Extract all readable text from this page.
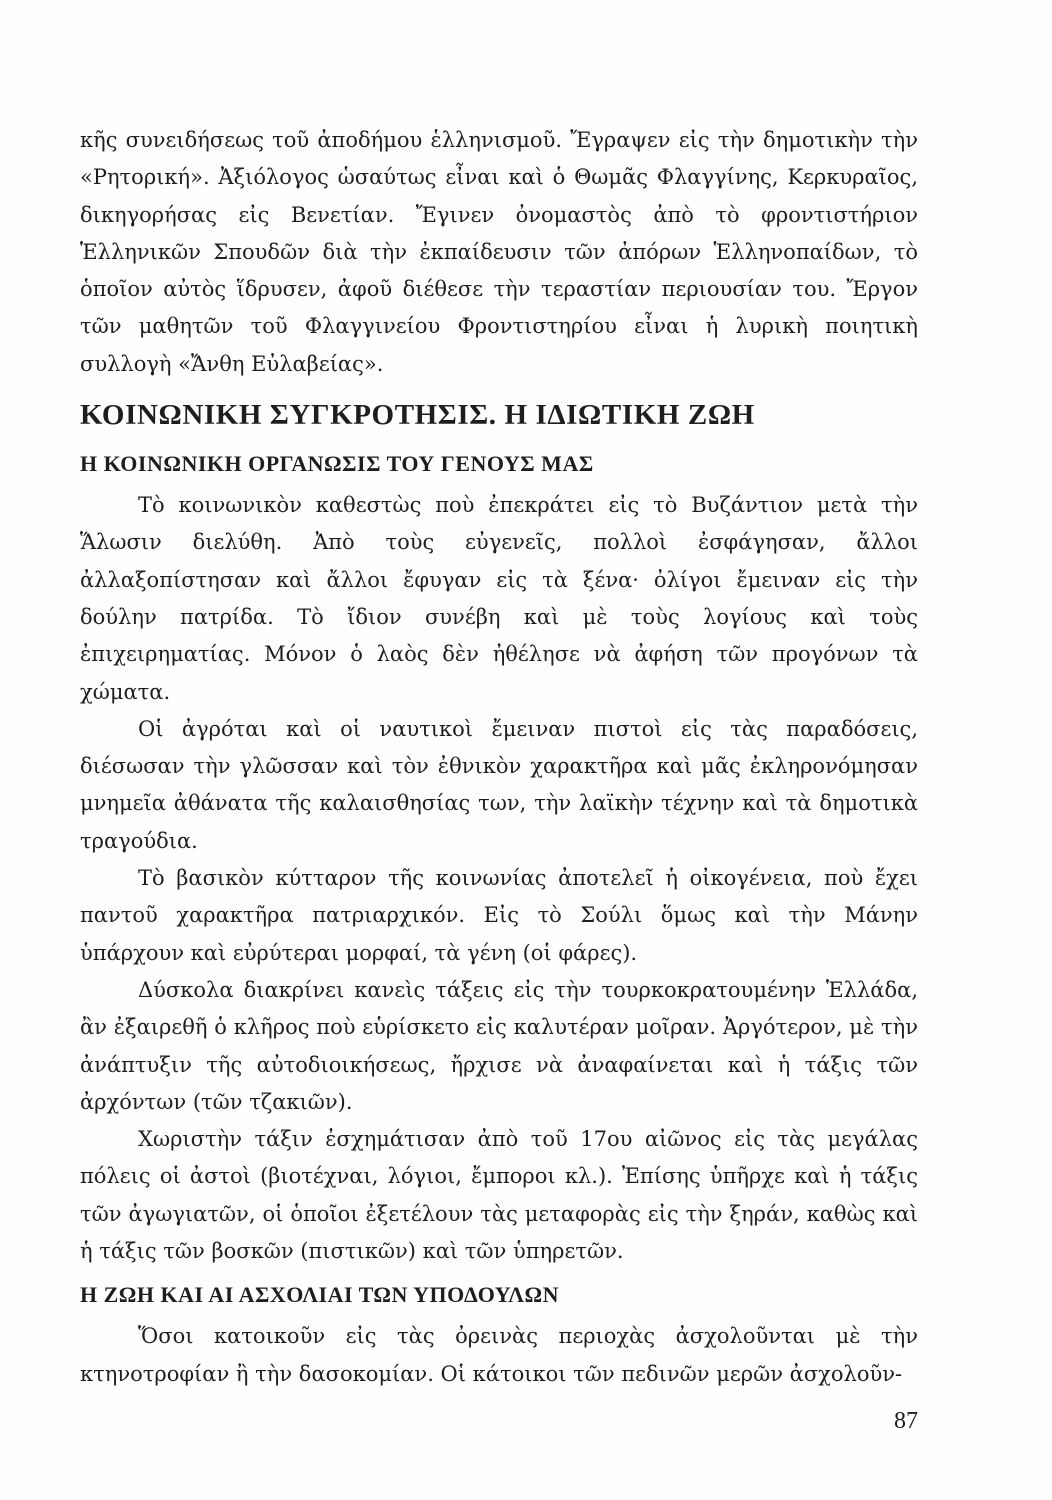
κῆς συνειδήσεως τοῦ ἀποδήμου ἑλληνισμοῦ. Ἔγραψεν εἰς τὴν δημοτικὴν τὴν «Ρητορική». Ἀξιόλογος ὡσαύτως εἶναι καὶ ὁ Θωμᾶς Φλαγγίνης, Κερκυραῖος, δικηγορήσας εἰς Βενετίαν. Ἔγινεν ὀνομαστὸς ἀπὸ τὸ φροντιστήριον Ἑλληνικῶν Σπουδῶν διὰ τὴν ἐκπαίδευσιν τῶν ἀπόρων Ἑλληνοπαίδων, τὸ ὁποῖον αὐτὸς ἵδρυσεν, ἀφοῦ διέθεσε τὴν τεραστίαν περιουσίαν του. Ἔργον τῶν μαθητῶν τοῦ Φλαγγινείου Φροντιστηρίου εἶναι ἡ λυρικὴ ποιητικὴ συλλογὴ «Ἄνθη Εὐλαβείας».

ΚΟΙΝΩΝΙΚΗ ΣΥΓΚΡΟΤΗΣΙΣ. Η ΙΔΙΩΤΙΚΗ ΖΩΗ
Η ΚΟΙΝΩΝΙΚΗ ΟΡΓΑΝΩΣΙΣ ΤΟΥ ΓΕΝΟΥΣ ΜΑΣ

Τὸ κοινωνικὸν καθεστὼς ποὺ ἐπεκράτει εἰς τὸ Βυζάντιον μετὰ τὴν Ἅλωσιν διελύθη. Ἀπὸ τοὺς εὐγενεῖς, πολλοὶ ἐσφάγησαν, ἄλλοι ἀλλαξοπίστησαν καὶ ἄλλοι ἔφυγαν εἰς τὰ ξένα· ὀλίγοι ἔμειναν εἰς τὴν δούλην πατρίδα. Τὸ ἴδιον συνέβη καὶ μὲ τοὺς λογίους καὶ τοὺς ἐπιχειρηματίας. Μόνον ὁ λαὸς δὲν ἠθέλησε νὰ ἀφήση τῶν προγόνων τὰ χώματα.

Οἱ ἀγρόται καὶ οἱ ναυτικοὶ ἔμειναν πιστοὶ εἰς τὰς παραδόσεις, διέσωσαν τὴν γλῶσσαν καὶ τὸν ἐθνικὸν χαρακτῆρα καὶ μᾶς ἐκληρονόμησαν μνημεῖα ἀθάνατα τῆς καλαισθησίας των, τὴν λαϊκὴν τέχνην καὶ τὰ δημοτικὰ τραγούδια.

Τὸ βασικὸν κύτταρον τῆς κοινωνίας ἀποτελεῖ ἡ οἰκογένεια, ποὺ ἔχει παντοῦ χαρακτῆρα πατριαρχικόν. Εἰς τὸ Σούλι ὅμως καὶ τὴν Μάνην ὑπάρχουν καὶ εὐρύτεραι μορφαί, τὰ γένη (οἱ φάρες).

Δύσκολα διακρίνει κανεὶς τάξεις εἰς τὴν τουρκοκρατουμένην Ἑλλάδα, ἂν ἐξαιρεθῆ ὁ κλῆρος ποὺ εὑρίσκετο εἰς καλυτέραν μοῖραν. Ἀργότερον, μὲ τὴν ἀνάπτυξιν τῆς αὐτοδιοικήσεως, ἤρχισε νὰ ἀναφαίνεται καὶ ἡ τάξις τῶν ἀρχόντων (τῶν τζακιῶν).

Χωριστὴν τάξιν ἐσχημάτισαν ἀπὸ τοῦ 17ου αἰῶνος εἰς τὰς μεγάλας πόλεις οἱ ἀστοὶ (βιοτέχναι, λόγιοι, ἔμποροι κλ.). Ἐπίσης ὑπῆρχε καὶ ἡ τάξις τῶν ἀγωγιατῶν, οἱ ὁποῖοι ἐξετέλουν τὰς μεταφορὰς εἰς τὴν ξηράν, καθὼς καὶ ἡ τάξις τῶν βοσκῶν (πιστικῶν) καὶ τῶν ὑπηρετῶν.

Η ΖΩΗ ΚΑΙ ΑΙ ΑΣΧΟΛΙΑΙ ΤΩΝ ΥΠΟΔΟΥΛΩΝ

Ὅσοι κατοικοῦν εἰς τὰς ὀρεινὰς περιοχὰς ἀσχολοῦνται μὲ τὴν κτηνοτροφίαν ἢ τὴν δασοκομίαν. Οἱ κάτοικοι τῶν πεδινῶν μερῶν ἀσχολοῦν-

87
